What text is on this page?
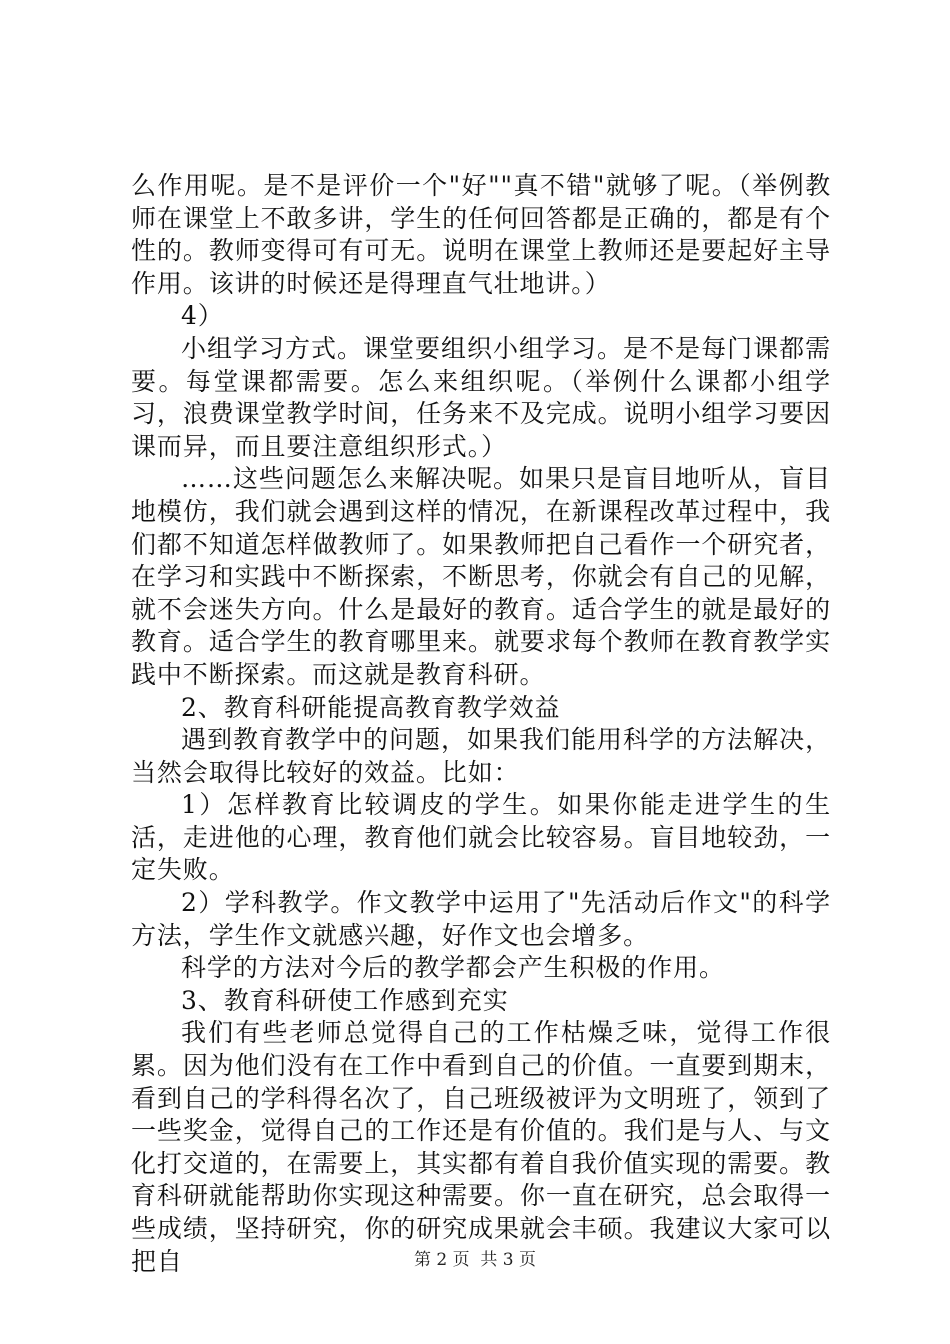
么作用呢。是不是评价一个"好""真不错"就够了呢。（举例教师在课堂上不敢多讲，学生的任何回答都是正确的，都是有个性的。教师变得可有可无。说明在课堂上教师还是要起好主导作用。该讲的时候还是得理直气壮地讲。）

4）

小组学习方式。课堂要组织小组学习。是不是每门课都需要。每堂课都需要。怎么来组织呢。（举例什么课都小组学习，浪费课堂教学时间，任务来不及完成。说明小组学习要因课而异，而且要注意组织形式。）

……这些问题怎么来解决呢。如果只是盲目地听从，盲目地模仿，我们就会遇到这样的情况，在新课程改革过程中，我们都不知道怎样做教师了。如果教师把自己看作一个研究者，在学习和实践中不断探索，不断思考，你就会有自己的见解，就不会迷失方向。什么是最好的教育。适合学生的就是最好的教育。适合学生的教育哪里来。就要求每个教师在教育教学实践中不断探索。而这就是教育科研。

2、教育科研能提高教育教学效益

遇到教育教学中的问题，如果我们能用科学的方法解决，当然会取得比较好的效益。比如：

1）怎样教育比较调皮的学生。如果你能走进学生的生活，走进他的心理，教育他们就会比较容易。盲目地较劲，一定失败。

2）学科教学。作文教学中运用了"先活动后作文"的科学方法，学生作文就感兴趣，好作文也会增多。

科学的方法对今后的教学都会产生积极的作用。

3、教育科研使工作感到充实

我们有些老师总觉得自己的工作枯燥乏味，觉得工作很累。因为他们没有在工作中看到自己的价值。一直要到期末，看到自己的学科得名次了，自己班级被评为文明班了，领到了一些奖金，觉得自己的工作还是有价值的。我们是与人、与文化打交道的，在需要上，其实都有着自我价值实现的需要。教育科研就能帮助你实现这种需要。你一直在研究，总会取得一些成绩，坚持研究，你的研究成果就会丰硕。我建议大家可以把自	第 2 页  共 3 页
